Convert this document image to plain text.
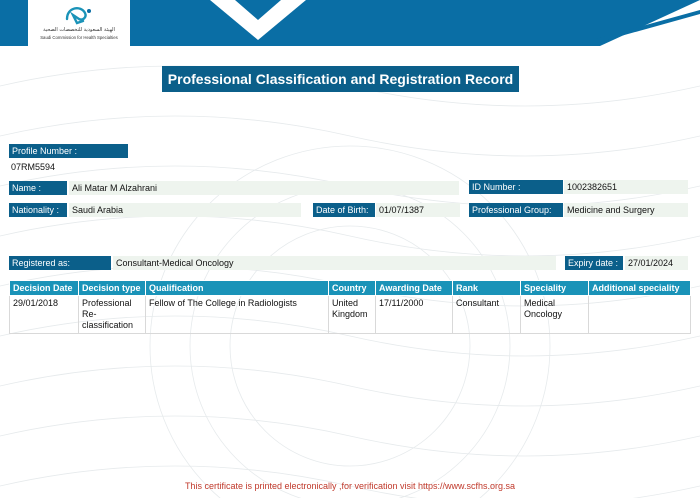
الهيئة السعودية للتخصصات الصحية
Saudi Commission for Health Specialties
Professional Classification and Registration Record
Profile Number :
07RM5594
Name :	Ali Matar M Alzahrani	ID Number :	1002382651
Nationality :	Saudi Arabia	Date of Birth:	01/07/1387	Professional Group:	Medicine and Surgery
Registered as:	Consultant-Medical Oncology	Expiry date :	27/01/2024
Decision Date	Decision type	Qualification	Country	Awarding Date	Rank	Speciality	Additional speciality
29/01/2018	Professional Re-classification	Fellow of The College in Radiologists	United Kingdom	17/11/2000	Consultant	Medical Oncology	
This certificate is printed electronically ,for verification visit https://www.scfhs.org.sa
